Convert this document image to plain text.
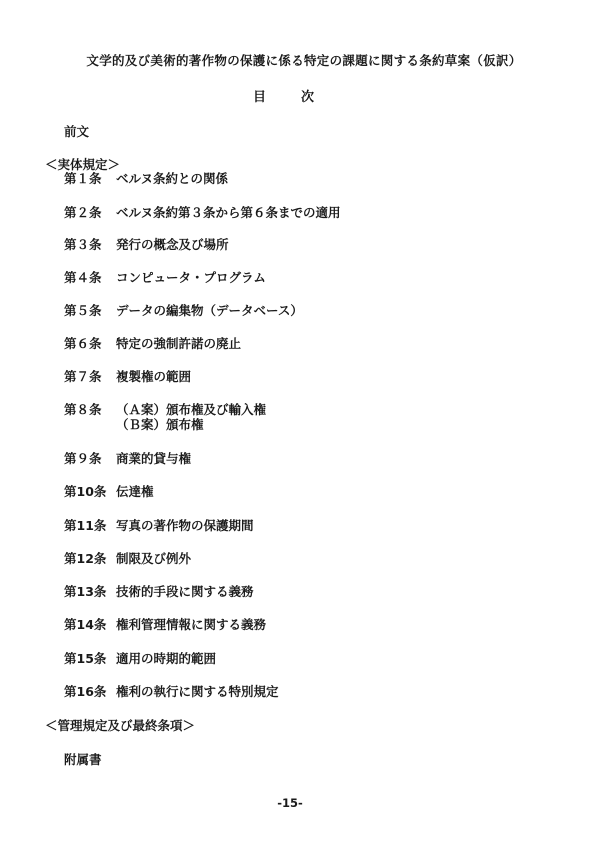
文学的及び美術的著作物の保護に係る特定の課題に関する条約草案（仮訳）
目　次
前文
＜実体規定＞
第１条 ベルヌ条約との関係
第２条 ベルヌ条約第３条から第６条までの適用
第３条 発行の概念及び場所
第４条 コンピュータ・プログラム
第５条 データの編集物（データベース）
第６条 特定の強制許諾の廃止
第７条 複製権の範囲
第８条 （Ａ案）頒布権及び輸入権
（Ｂ案）頒布権
第９条 商業的貸与権
第10条 伝達権
第11条 写真の著作物の保護期間
第12条 制限及び例外
第13条 技術的手段に関する義務
第14条 権利管理情報に関する義務
第15条 適用の時期的範囲
第16条 権利の執行に関する特別規定
＜管理規定及び最終条項＞
附属書
-15-
